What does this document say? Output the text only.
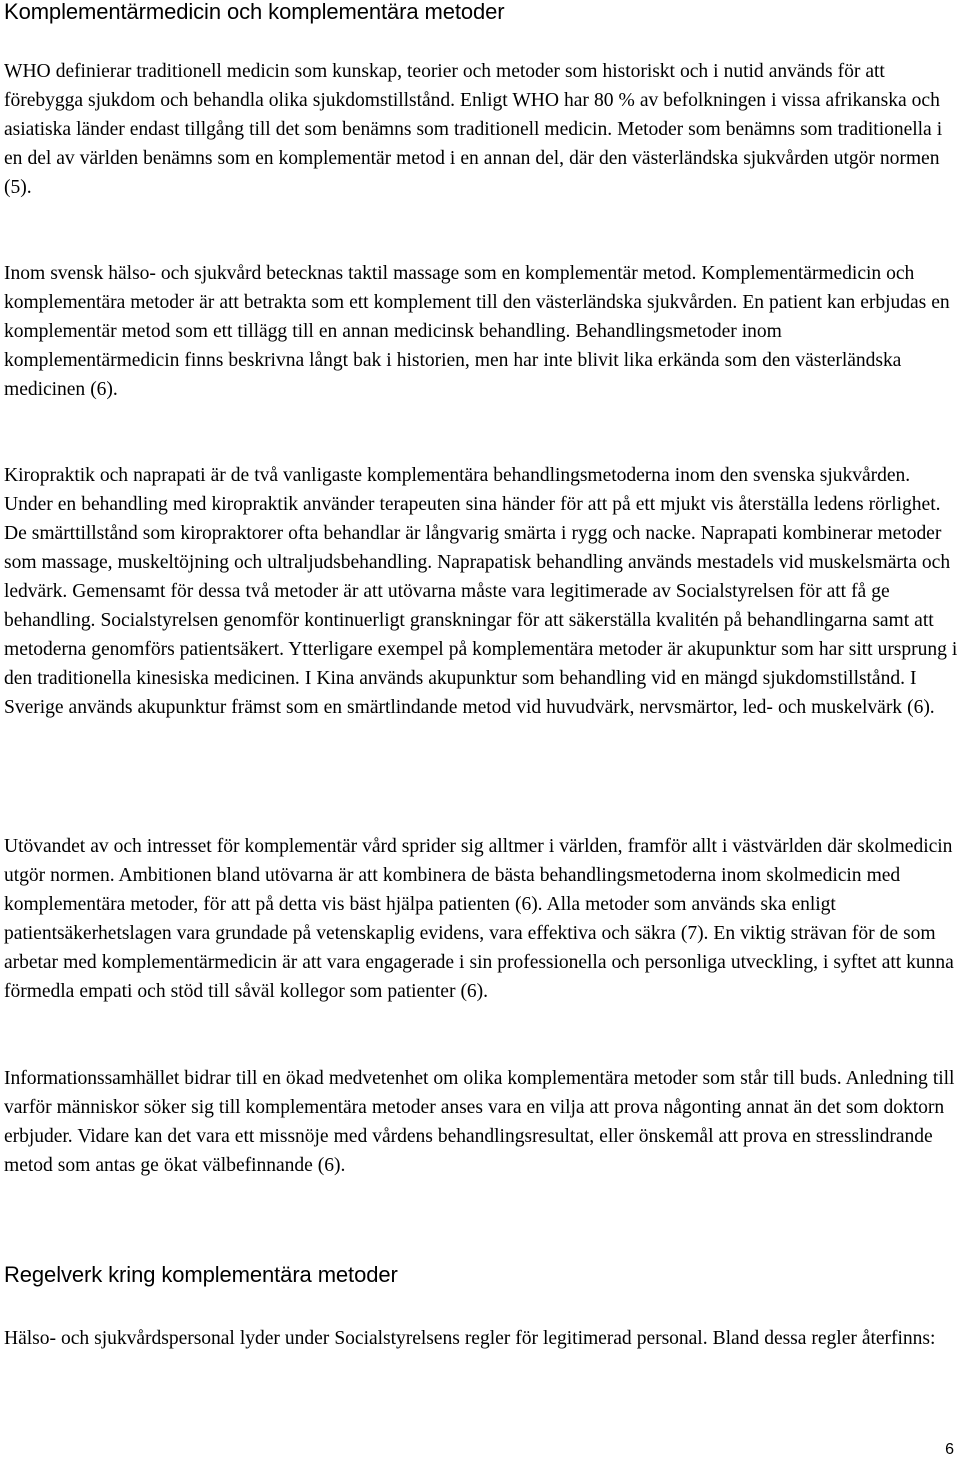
Komplementärmedicin och komplementära metoder

WHO definierar traditionell medicin som kunskap, teorier och metoder som historiskt och i nutid används för att förebygga sjukdom och behandla olika sjukdomstillstånd. Enligt WHO har 80 % av befolkningen i vissa afrikanska och asiatiska länder endast tillgång till det som benämns som traditionell medicin. Metoder som benämns som traditionella i en del av världen benämns som en komplementär metod i en annan del, där den västerländska sjukvården utgör normen (5).

Inom svensk hälso- och sjukvård betecknas taktil massage som en komplementär metod. Komplementärmedicin och komplementära metoder är att betrakta som ett komplement till den västerländska sjukvården. En patient kan erbjudas en komplementär metod som ett tillägg till en annan medicinsk behandling. Behandlingsmetoder inom komplementärmedicin finns beskrivna långt bak i historien, men har inte blivit lika erkända som den västerländska medicinen (6).

Kiropraktik och naprapati är de två vanligaste komplementära behandlingsmetoderna inom den svenska sjukvården. Under en behandling med kiropraktik använder terapeuten sina händer för att på ett mjukt vis återställa ledens rörlighet. De smärttillstånd som kiropraktorer ofta behandlar är långvarig smärta i rygg och nacke. Naprapati kombinerar metoder som massage, muskeltöjning och ultraljudsbehandling. Naprapatisk behandling används mestadels vid muskelsmärta och ledvärk. Gemensamt för dessa två metoder är att utövarna måste vara legitimerade av Socialstyrelsen för att få ge behandling. Socialstyrelsen genomför kontinuerligt granskningar för att säkerställa kvalitén på behandlingarna samt att metoderna genomförs patientsäkert. Ytterligare exempel på komplementära metoder är akupunktur som har sitt ursprung i den traditionella kinesiska medicinen. I Kina används akupunktur som behandling vid en mängd sjukdomstillstånd. I Sverige används akupunktur främst som en smärtlindande metod vid huvudvärk, nervsmärtor, led- och muskelvärk (6).

Utövandet av och intresset för komplementär vård sprider sig alltmer i världen, framför allt i västvärlden där skolmedicin utgör normen. Ambitionen bland utövarna är att kombinera de bästa behandlingsmetoderna inom skolmedicin med komplementära metoder, för att på detta vis bäst hjälpa patienten (6). Alla metoder som används ska enligt patientsäkerhetslagen vara grundade på vetenskaplig evidens, vara effektiva och säkra (7). En viktig strävan för de som arbetar med komplementärmedicin är att vara engagerade i sin professionella och personliga utveckling, i syftet att kunna förmedla empati och stöd till såväl kollegor som patienter (6).

Informationssamhället bidrar till en ökad medvetenhet om olika komplementära metoder som står till buds. Anledning till varför människor söker sig till komplementära metoder anses vara en vilja att prova någonting annat än det som doktorn erbjuder. Vidare kan det vara ett missnöje med vårdens behandlingsresultat, eller önskemål att prova en stresslindrande metod som antas ge ökat välbefinnande (6).

Regelverk kring komplementära metoder

Hälso- och sjukvårdspersonal lyder under Socialstyrelsens regler för legitimerad personal. Bland dessa regler återfinns:

6
